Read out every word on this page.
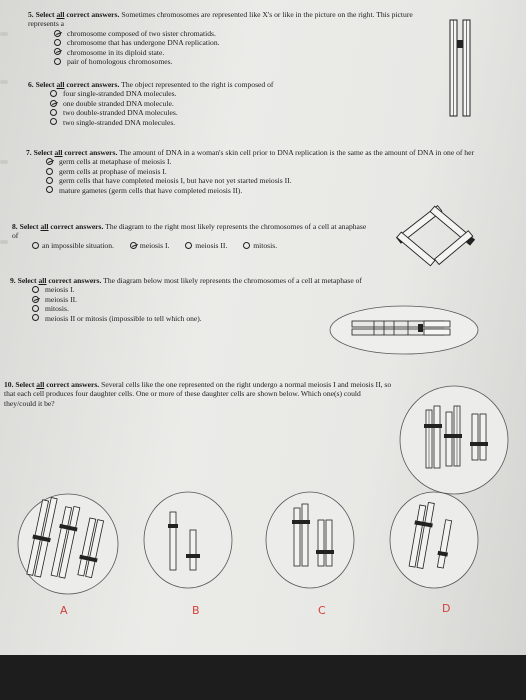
5. Select all correct answers. Sometimes chromosomes are represented like X's or like in the picture on the right. This picture represents a
chromosome composed of two sister chromatids.
chromosome that has undergone DNA replication.
chromosome in its diploid state.
pair of homologous chromosomes.
6. Select all correct answers. The object represented to the right is composed of
four single-stranded DNA molecules.
one double stranded DNA molecule.
two double-stranded DNA molecules.
two single-stranded DNA molecules.
7. Select all correct answers. The amount of DNA in a woman's skin cell prior to DNA replication is the same as the amount of DNA in one of her
germ cells at metaphase of meiosis I.
germ cells at prophase of meiosis I.
germ cells that have completed meiosis I, but have not yet started meiosis II.
mature gametes (germ cells that have completed meiosis II).
8. Select all correct answers. The diagram to the right most likely represents the chromosomes of a cell at anaphase of
an impossible situation.	meiosis I.	meiosis II.	mitosis.
9. Select all correct answers. The diagram below most likely represents the chromosomes of a cell at metaphase of
meiosis I.
meiosis II.
mitosis.
meiosis II or mitosis (impossible to tell which one).
10. Select all correct answers. Several cells like the one represented on the right undergo a normal meiosis I and meiosis II, so that each cell produces four daughter cells. One or more of these daughter cells are shown below. Which one(s) could they/could it be?
A	B	C	D
